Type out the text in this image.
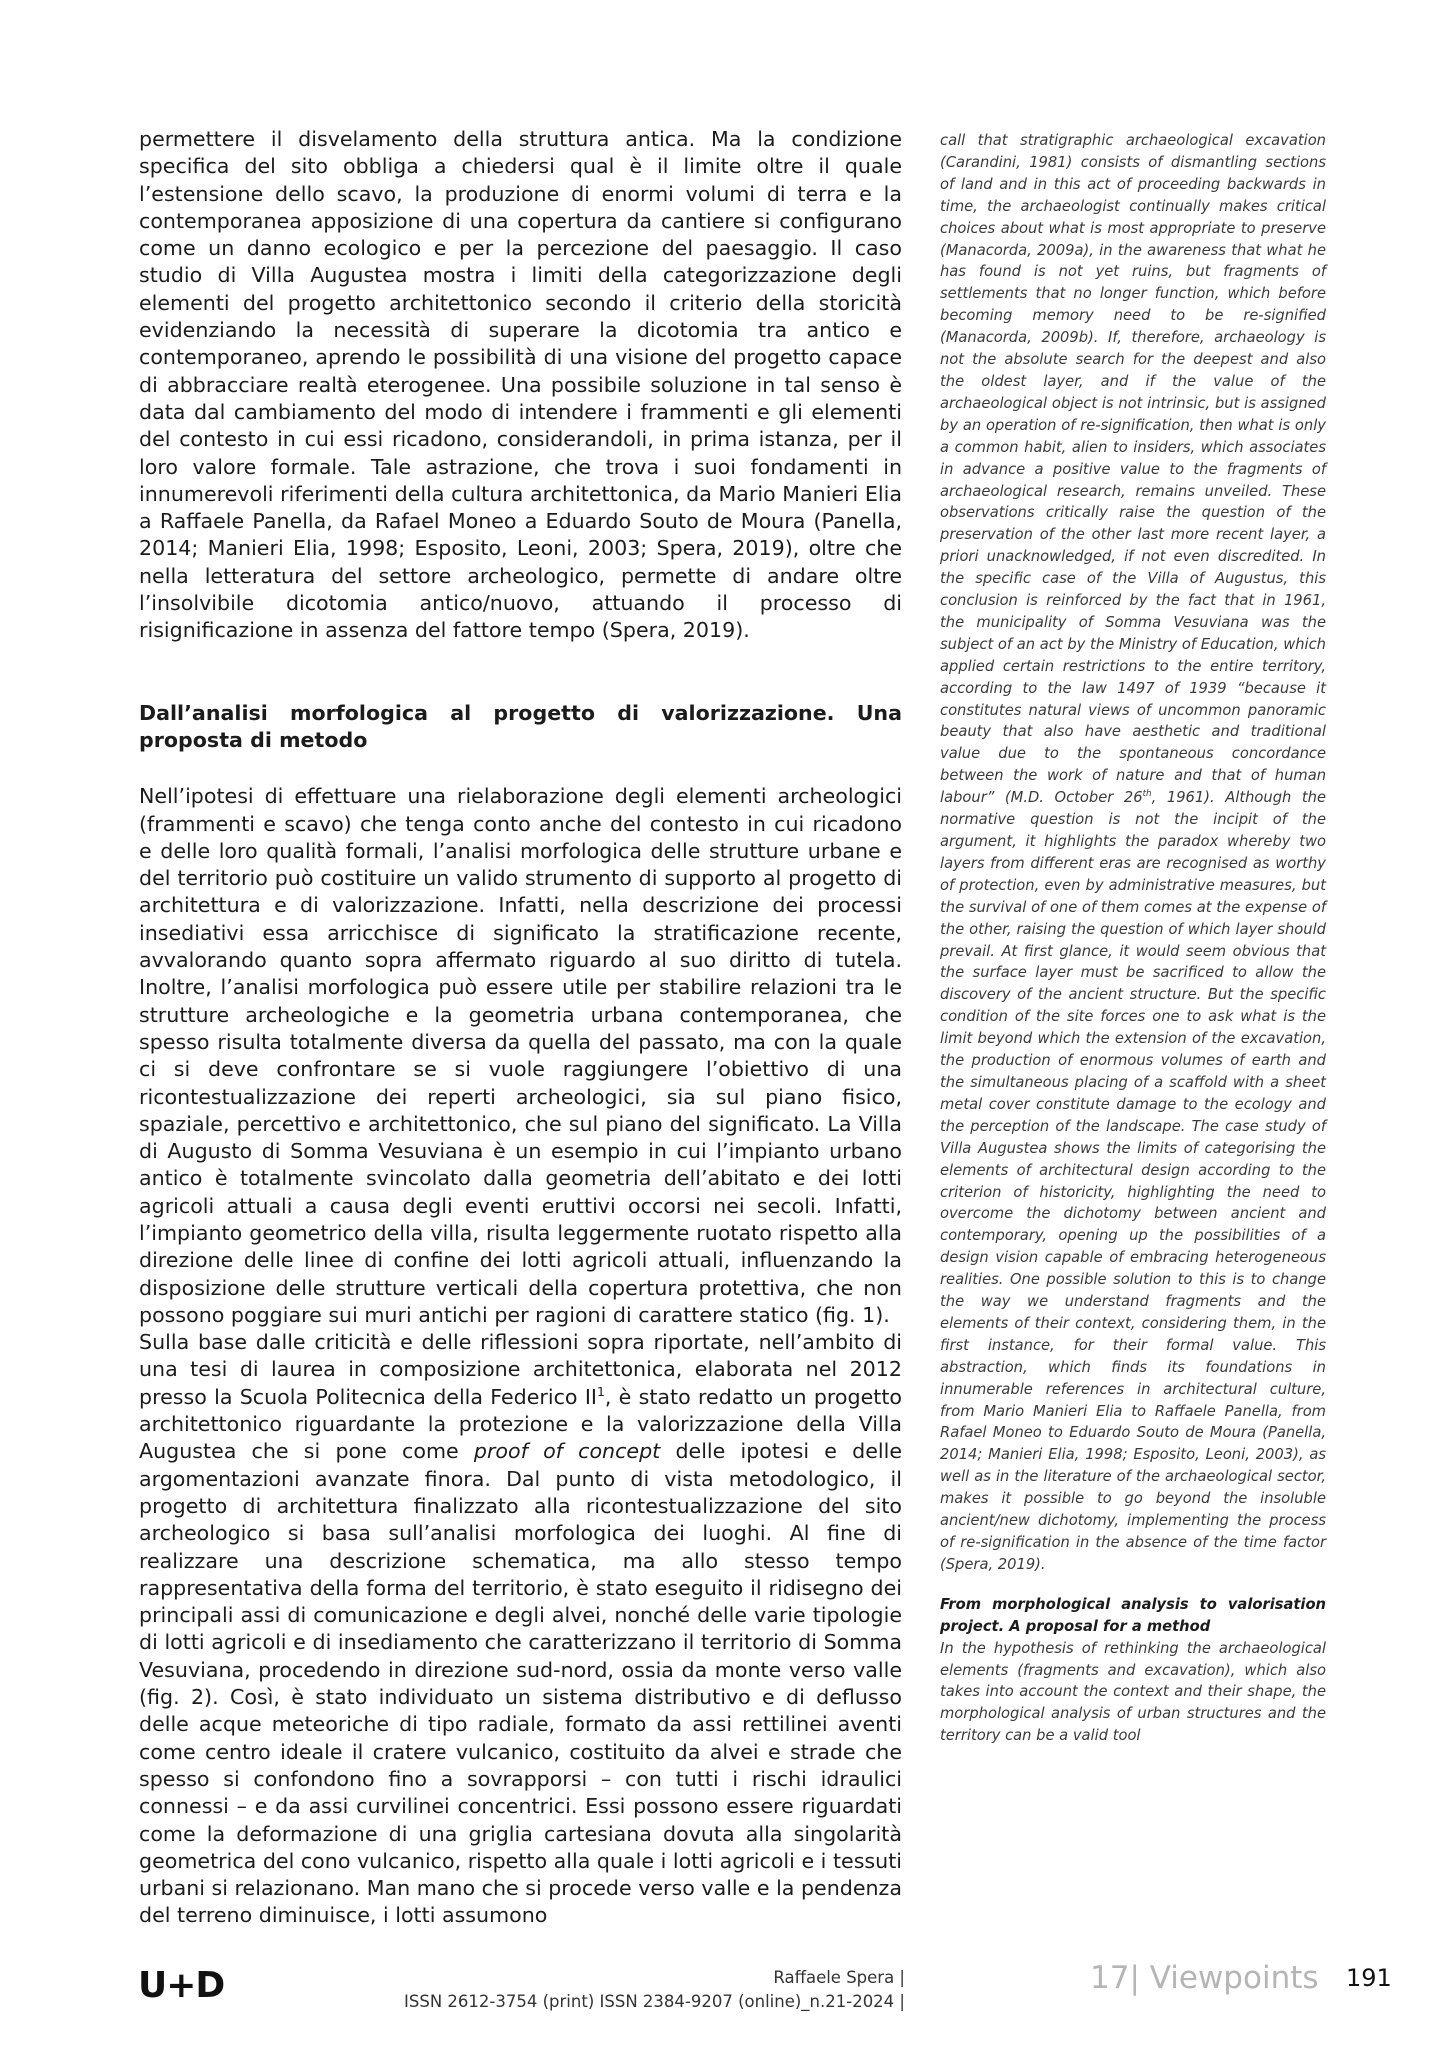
permettere il disvelamento della struttura antica. Ma la condizione specifica del sito obbliga a chiedersi qual è il limite oltre il quale l’estensione dello scavo, la produzione di enormi volumi di terra e la contemporanea apposizione di una copertura da cantiere si configurano come un danno ecologico e per la percezione del paesaggio. Il caso studio di Villa Augustea mostra i limiti della categorizzazione degli elementi del progetto architettonico secondo il criterio della storicità evidenziando la necessità di superare la dicotomia tra antico e contemporaneo, aprendo le possibilità di una visione del progetto capace di abbracciare realtà eterogenee. Una possibile soluzione in tal senso è data dal cambiamento del modo di intendere i frammenti e gli elementi del contesto in cui essi ricadono, considerandoli, in prima istanza, per il loro valore formale. Tale astrazione, che trova i suoi fondamenti in innumerevoli riferimenti della cultura architettonica, da Mario Manieri Elia a Raffaele Panella, da Rafael Moneo a Eduardo Souto de Moura (Panella, 2014; Manieri Elia, 1998; Esposito, Leoni, 2003; Spera, 2019), oltre che nella letteratura del settore archeologico, permette di andare oltre l’insolvibile dicotomia antico/nuovo, attuando il processo di risignificazione in assenza del fattore tempo (Spera, 2019).

Dall’analisi morfologica al progetto di valorizzazione. Una proposta di metodo

Nell’ipotesi di effettuare una rielaborazione degli elementi archeologici (frammenti e scavo) che tenga conto anche del contesto in cui ricadono e delle loro qualità formali, l’analisi morfologica delle strutture urbane e del territorio può costituire un valido strumento di supporto al progetto di architettura e di valorizzazione. Infatti, nella descrizione dei processi insediativi essa arricchisce di significato la stratificazione recente, avvalorando quanto sopra affermato riguardo al suo diritto di tutela. Inoltre, l’analisi morfologica può essere utile per stabilire relazioni tra le strutture archeologiche e la geometria urbana contemporanea, che spesso risulta totalmente diversa da quella del passato, ma con la quale ci si deve confrontare se si vuole raggiungere l’obiettivo di una ricontestualizzazione dei reperti archeologici, sia sul piano fisico, spaziale, percettivo e architettonico, che sul piano del significato. La Villa di Augusto di Somma Vesuviana è un esempio in cui l’impianto urbano antico è totalmente svincolato dalla geometria dell’abitato e dei lotti agricoli attuali a causa degli eventi eruttivi occorsi nei secoli. Infatti, l’impianto geometrico della villa, risulta leggermente ruotato rispetto alla direzione delle linee di confine dei lotti agricoli attuali, influenzando la disposizione delle strutture verticali della copertura protettiva, che non possono poggiare sui muri antichi per ragioni di carattere statico (fig. 1).

Sulla base dalle criticità e delle riflessioni sopra riportate, nell’ambito di una tesi di laurea in composizione architettonica, elaborata nel 2012 presso la Scuola Politecnica della Federico $II^1$, è stato redatto un progetto architettonico riguardante la protezione e la valorizzazione della Villa Augustea che si pone come proof of concept delle ipotesi e delle argomentazioni avanzate finora. Dal punto di vista metodologico, il progetto di architettura finalizzato alla ricontestualizzazione del sito archeologico si basa sull’analisi morfologica dei luoghi. Al fine di realizzare una descrizione schematica, ma allo stesso tempo rappresentativa della forma del territorio, è stato eseguito il ridisegno dei principali assi di comunicazione e degli alvei, nonché delle varie tipologie di lotti agricoli e di insediamento che caratterizzano il territorio di Somma Vesuviana, procedendo in direzione sud-nord, ossia da monte verso valle (fig. 2). Così, è stato individuato un sistema distributivo e di deflusso delle acque meteoriche di tipo radiale, formato da assi rettilinei aventi come centro ideale il cratere vulcanico, costituito da alvei e strade che spesso si confondono fino a sovrapporsi – con tutti i rischi idraulici connessi – e da assi curvilinei concentrici. Essi possono essere riguardati come la deformazione di una griglia cartesiana dovuta alla singolarità geometrica del cono vulcanico, rispetto alla quale i lotti agricoli e i tessuti urbani si relazionano. Man mano che si procede verso valle e la pendenza del terreno diminuisce, i lotti assumono

call that stratigraphic archaeological excavation (Carandini, 1981) consists of dismantling sections of land and in this act of proceeding backwards in time, the archaeologist continually makes critical choices about what is most appropriate to preserve (Manacorda, 2009a), in the awareness that what he has found is not yet ruins, but fragments of settlements that no longer function, which before becoming memory need to be re-signified (Manacorda, 2009b). If, therefore, archaeology is not the absolute search for the deepest and also the oldest layer, and if the value of the archaeological object is not intrinsic, but is assigned by an operation of re-signification, then what is only a common habit, alien to insiders, which associates in advance a positive value to the fragments of archaeological research, remains unveiled. These observations critically raise the question of the preservation of the other last more recent layer, a priori unacknowledged, if not even discredited. In the specific case of the Villa of Augustus, this conclusion is reinforced by the fact that in 1961, the municipality of Somma Vesuviana was the subject of an act by the Ministry of Education, which applied certain restrictions to the entire territory, according to the law 1497 of 1939 “because it constitutes natural views of uncommon panoramic beauty that also have aesthetic and traditional value due to the spontaneous concordance between the work of nature and that of human labour” (M.D. October 26th, 1961). Although the normative question is not the incipit of the argument, it highlights the paradox whereby two layers from different eras are recognised as worthy of protection, even by administrative measures, but the survival of one of them comes at the expense of the other, raising the question of which layer should prevail. At first glance, it would seem obvious that the surface layer must be sacrificed to allow the discovery of the ancient structure. But the specific condition of the site forces one to ask what is the limit beyond which the extension of the excavation, the production of enormous volumes of earth and the simultaneous placing of a scaffold with a sheet metal cover constitute damage to the ecology and the perception of the landscape. The case study of Villa Augustea shows the limits of categorising the elements of architectural design according to the criterion of historicity, highlighting the need to overcome the dichotomy between ancient and contemporary, opening up the possibilities of a design vision capable of embracing heterogeneous realities. One possible solution to this is to change the way we understand fragments and the elements of their context, considering them, in the first instance, for their formal value. This abstraction, which finds its foundations in innumerable references in architectural culture, from Mario Manieri Elia to Raffaele Panella, from Rafael Moneo to Eduardo Souto de Moura (Panella, 2014; Manieri Elia, 1998; Esposito, Leoni, 2003), as well as in the literature of the archaeological sector, makes it possible to go beyond the insoluble ancient/new dichotomy, implementing the process of re-signification in the absence of the time factor (Spera, 2019).

From morphological analysis to valorisation project. A proposal for a method

In the hypothesis of rethinking the archaeological elements (fragments and excavation), which also takes into account the context and their shape, the morphological analysis of urban structures and the territory can be a valid tool

U+D	Raffaele Spera |
ISSN 2612-3754 (print) ISSN 2384-9207 (online)_n.21-2024 |
17| Viewpoints 191
